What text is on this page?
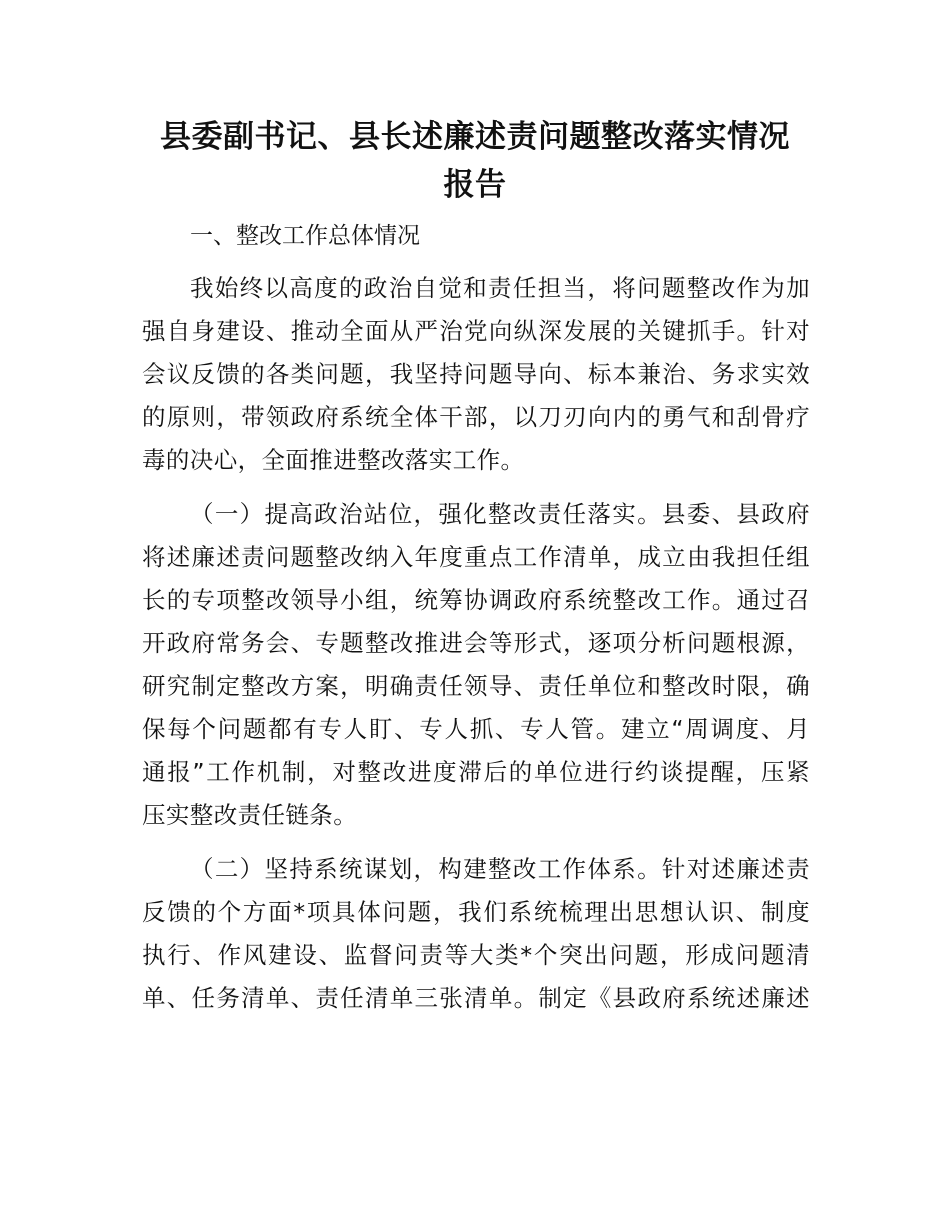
县委副书记、县长述廉述责问题整改落实情况
报告

一、整改工作总体情况

我始终以高度的政治自觉和责任担当，将问题整改作为加

强自身建设、推动全面从严治党向纵深发展的关键抓手。针对

会议反馈的各类问题，我坚持问题导向、标本兼治、务求实效

的原则，带领政府系统全体干部，以刀刃向内的勇气和刮骨疗

毒的决心，全面推进整改落实工作。

（一）提高政治站位，强化整改责任落实。县委、县政府

将述廉述责问题整改纳入年度重点工作清单，成立由我担任组

长的专项整改领导小组，统筹协调政府系统整改工作。通过召

开政府常务会、专题整改推进会等形式，逐项分析问题根源，

研究制定整改方案，明确责任领导、责任单位和整改时限，确

保每个问题都有专人盯、专人抓、专人管。建立“周调度、月

通报”工作机制，对整改进度滞后的单位进行约谈提醒，压紧

压实整改责任链条。

（二）坚持系统谋划，构建整改工作体系。针对述廉述责

反馈的个方面*项具体问题，我们系统梳理出思想认识、制度

执行、作风建设、监督问责等大类*个突出问题，形成问题清

单、任务清单、责任清单三张清单。制定《县政府系统述廉述
